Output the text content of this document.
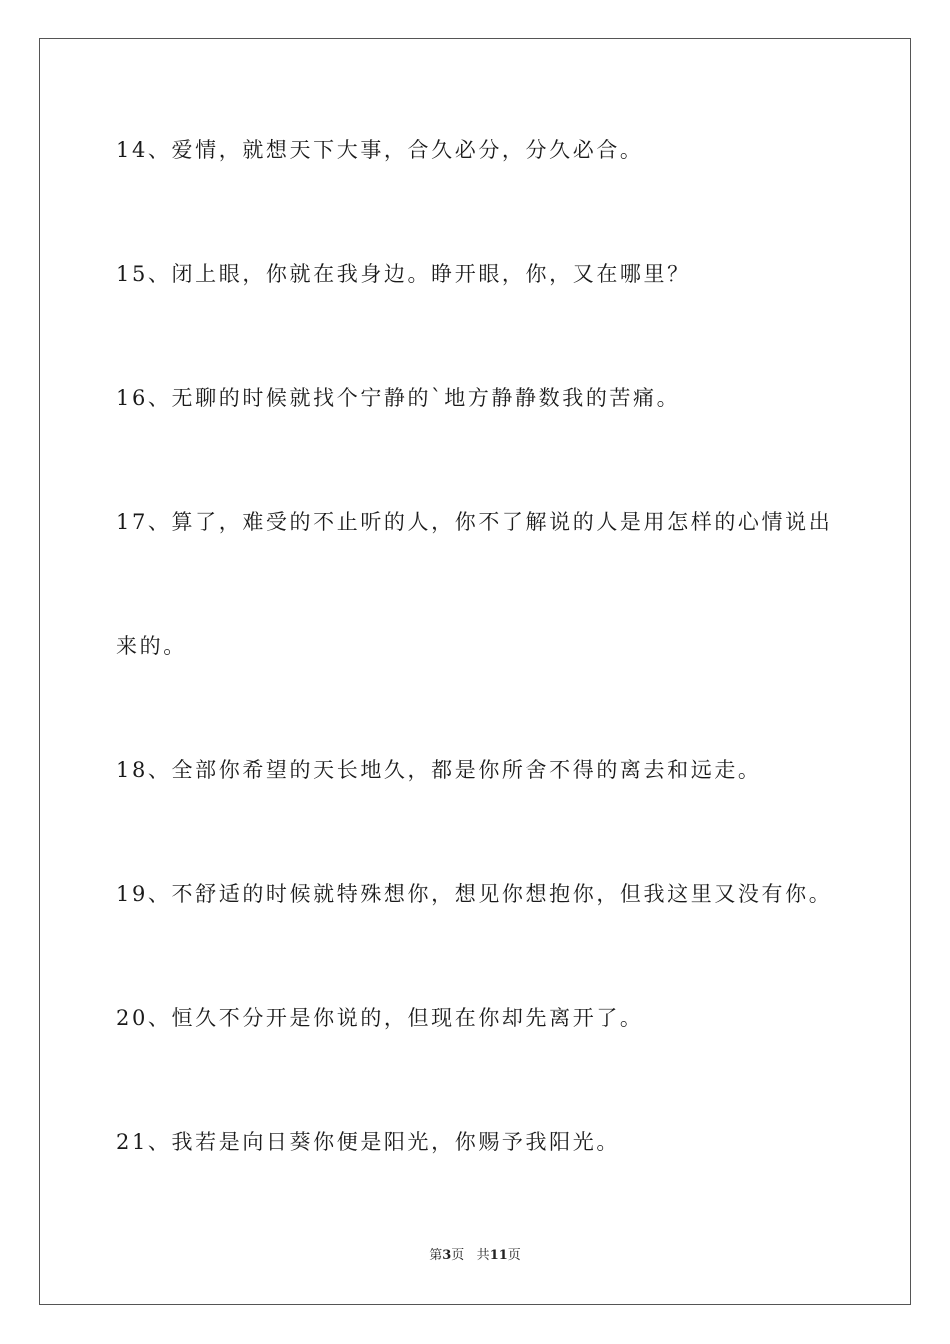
14、爱情，就想天下大事，合久必分，分久必合。
15、闭上眼，你就在我身边。睁开眼，你，又在哪里？
16、无聊的时候就找个宁静的`地方静静数我的苦痛。
17、算了，难受的不止听的人，你不了解说的人是用怎样的心情说出
来的。
18、全部你希望的天长地久，都是你所舍不得的离去和远走。
19、不舒适的时候就特殊想你，想见你想抱你，但我这里又没有你。
20、恒久不分开是你说的，但现在你却先离开了。
21、我若是向日葵你便是阳光，你赐予我阳光。
第3页 共11页
